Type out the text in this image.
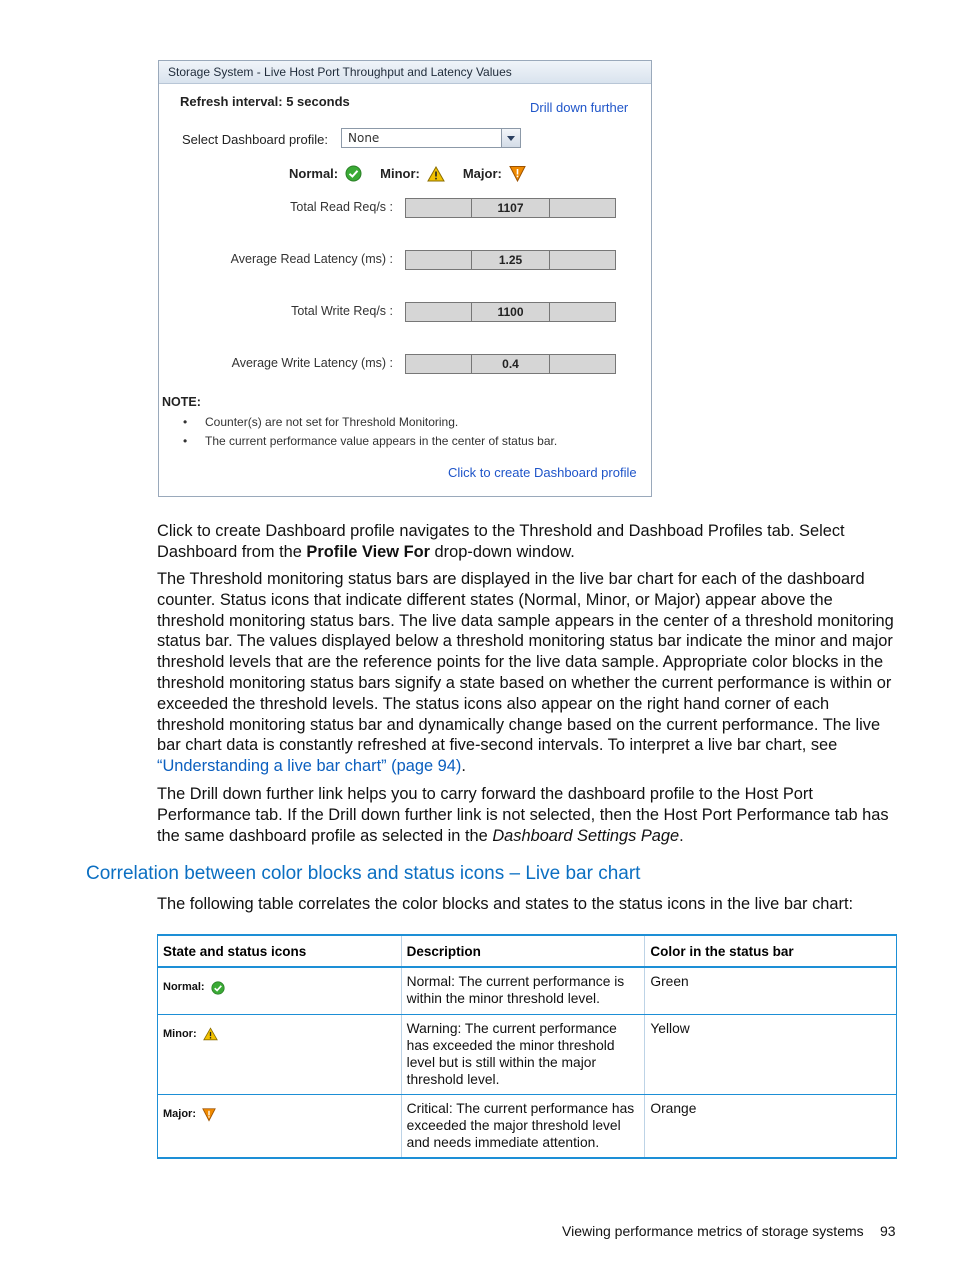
Storage System - Live Host Port Throughput and Latency Values
Refresh interval: 5 seconds	Drill down further
Select Dashboard profile:	None
Normal:	Minor:	Major:
Total Read Req/s :	1107
Average Read Latency (ms) :	1.25
Total Write Req/s :	1100
Average Write Latency (ms) :	0.4
NOTE:
• Counter(s) are not set for Threshold Monitoring.
• The current performance value appears in the center of status bar.
Click to create Dashboard profile
Click to create Dashboard profile navigates to the Threshold and Dashboad Profiles tab. Select Dashboard from the Profile View For drop-down window.
The Threshold monitoring status bars are displayed in the live bar chart for each of the dashboard counter. Status icons that indicate different states (Normal, Minor, or Major) appear above the threshold monitoring status bars. The live data sample appears in the center of a threshold monitoring status bar. The values displayed below a threshold monitoring status bar indicate the minor and major threshold levels that are the reference points for the live data sample. Appropriate color blocks in the threshold monitoring status bars signify a state based on whether the current performance is within or exceeded the threshold levels. The status icons also appear on the right hand corner of each threshold monitoring status bar and dynamically change based on the current performance. The live bar chart data is constantly refreshed at five-second intervals. To interpret a live bar chart, see “Understanding a live bar chart” (page 94).
The Drill down further link helps you to carry forward the dashboard profile to the Host Port Performance tab. If the Drill down further link is not selected, then the Host Port Performance tab has the same dashboard profile as selected in the Dashboard Settings Page.
Correlation between color blocks and status icons – Live bar chart
The following table correlates the color blocks and states to the status icons in the live bar chart:
State and status icons	Description	Color in the status bar

Normal:	Normal: The current performance is within the minor threshold level.	Green

Minor:	Warning: The current performance has exceeded the minor threshold level but is still within the major threshold level.	Yellow

Major:	Critical: The current performance has exceeded the major threshold level and needs immediate attention.	Orange
Viewing performance metrics of storage systems 93
